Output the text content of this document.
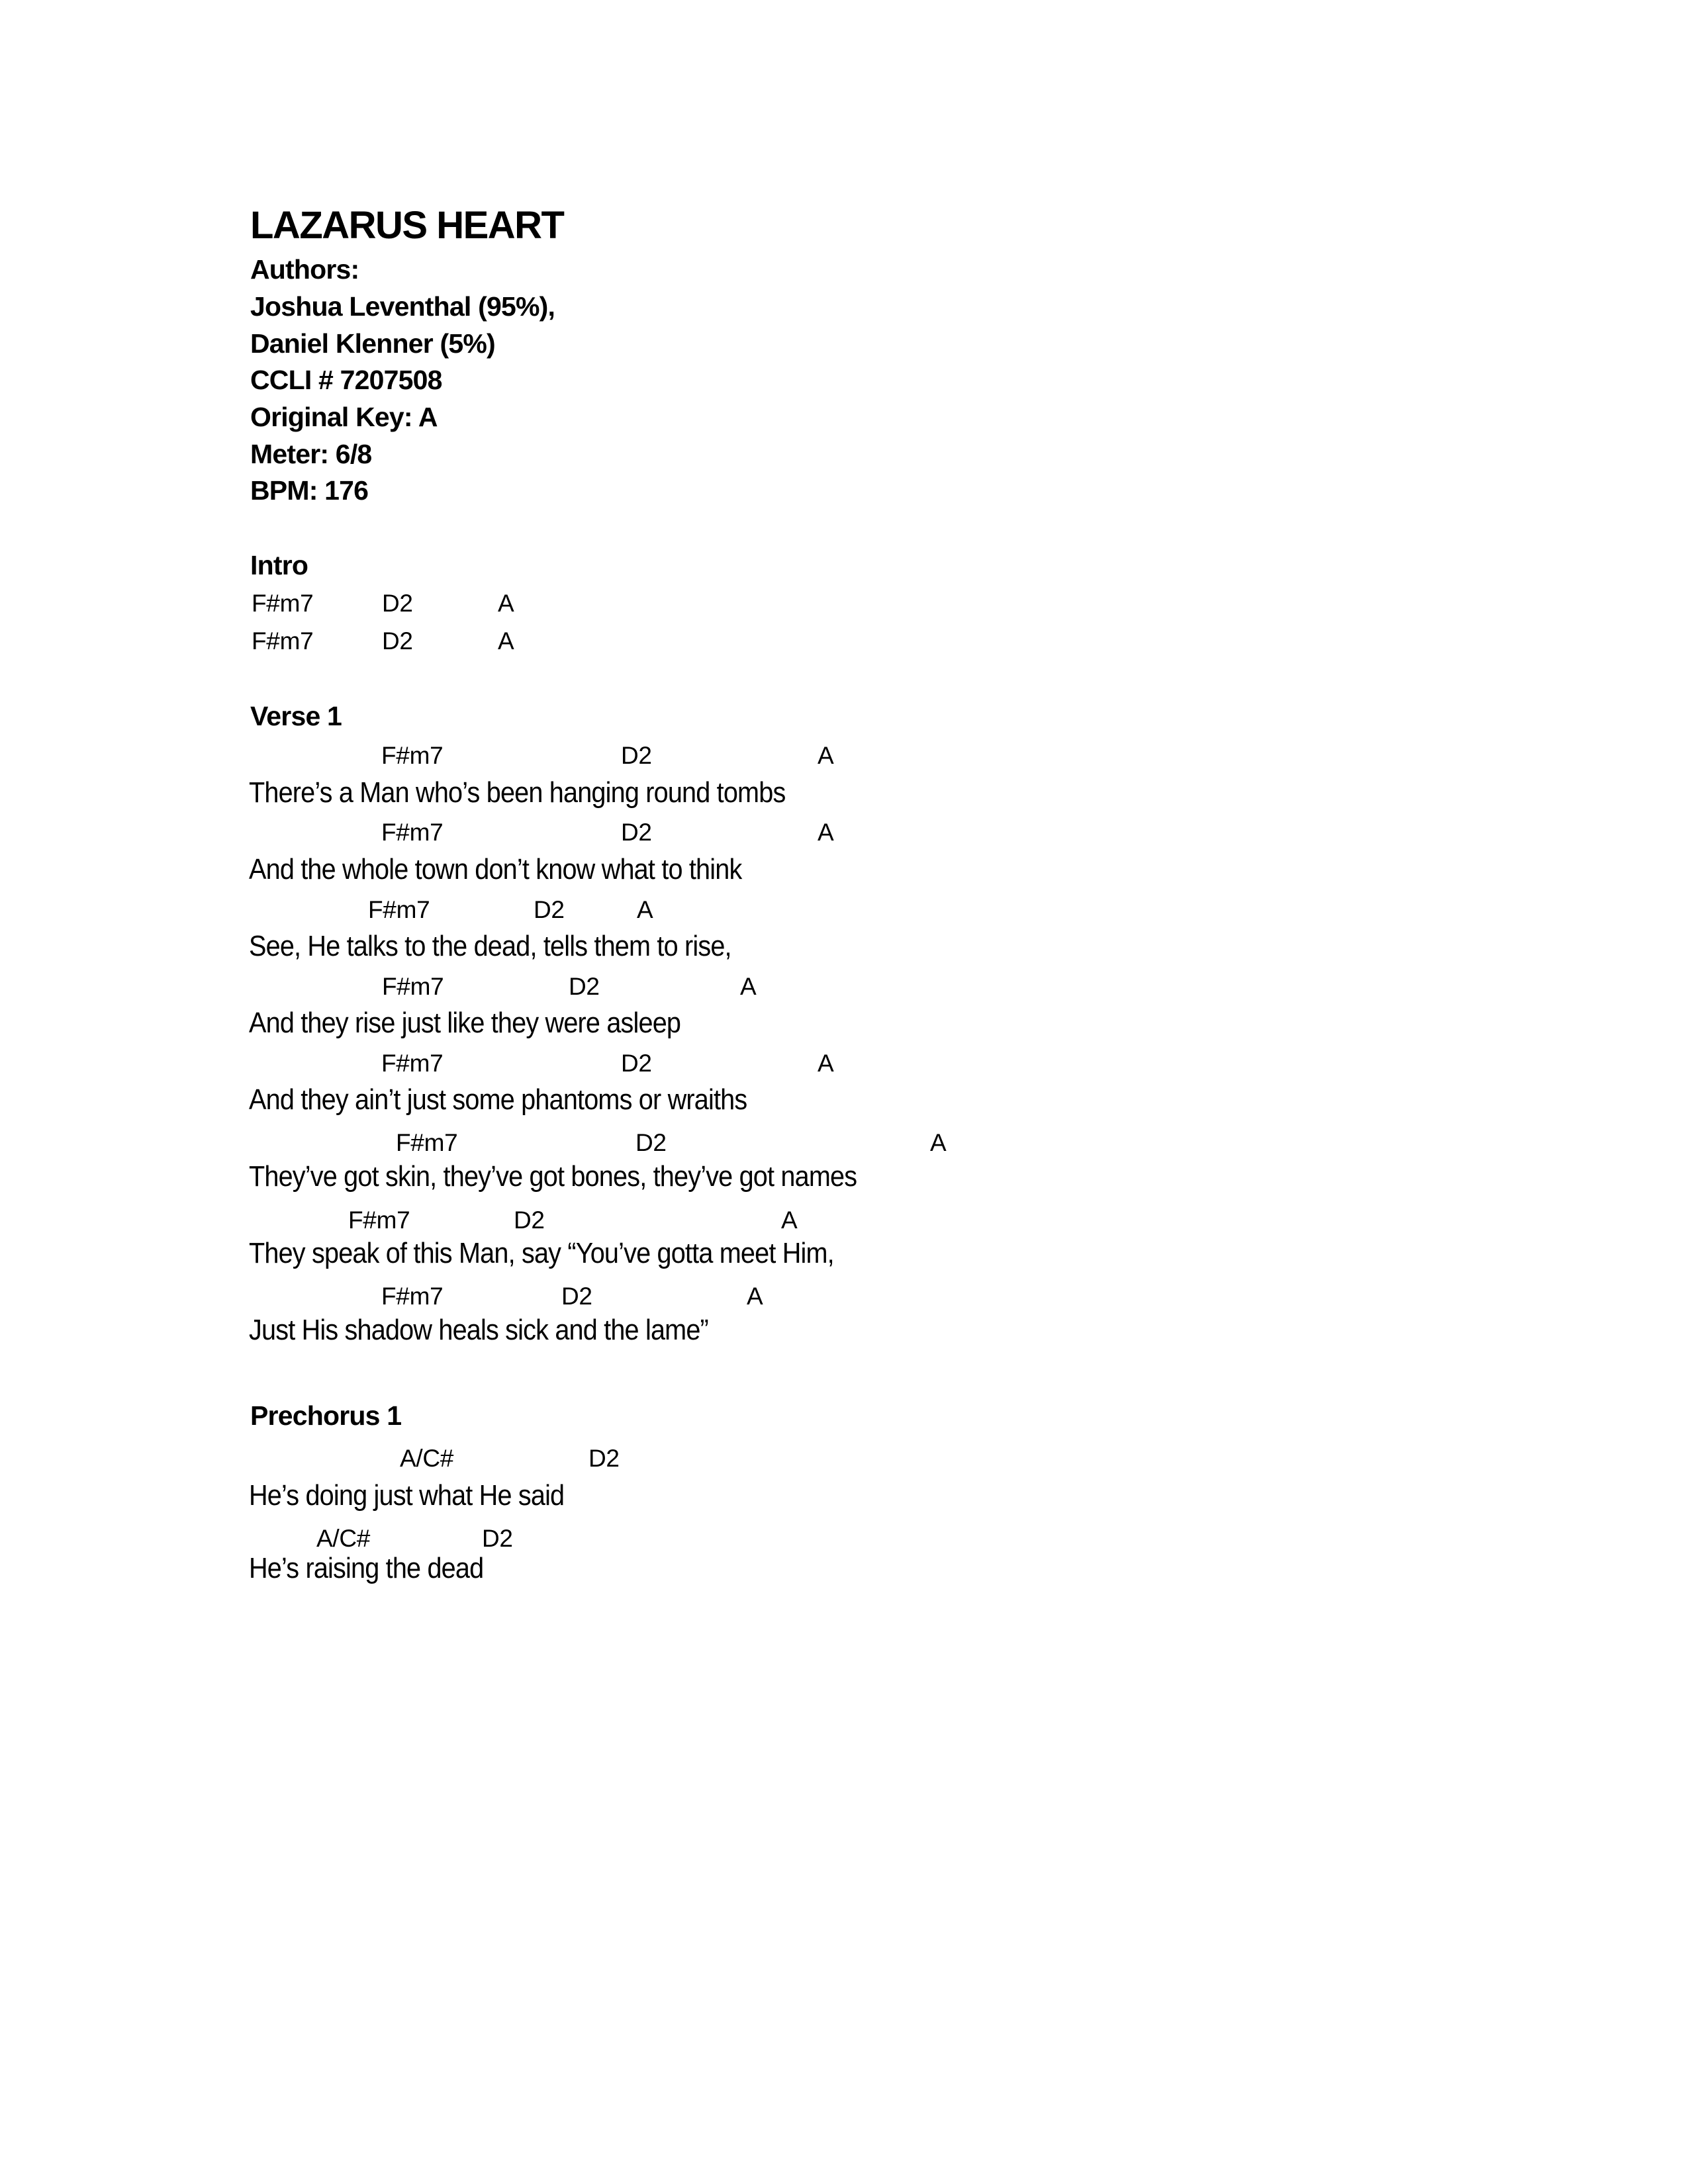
LAZARUS HEART
Authors:
Joshua Leventhal (95%),
Daniel Klenner (5%)
CCLI # 7207508
Original Key: A
Meter: 6/8
BPM: 176
Intro
F#m7	D2	A
F#m7	D2	A
Verse 1
F#m7	D2	A
There’s a Man who’s been hanging round tombs
F#m7	D2	A
And the whole town don’t know what to think
F#m7	D2	A
See, He talks to the dead, tells them to rise,
F#m7	D2	A
And they rise just like they were asleep
F#m7	D2	A
And they ain’t just some phantoms or wraiths
F#m7	D2	A
They’ve got skin, they’ve got bones, they’ve got names
F#m7	D2	A
They speak of this Man, say “You’ve gotta meet Him,
F#m7	D2	A
Just His shadow heals sick and the lame”
Prechorus 1
A/C#	D2
He’s doing just what He said
A/C#	D2
He’s raising the dead
